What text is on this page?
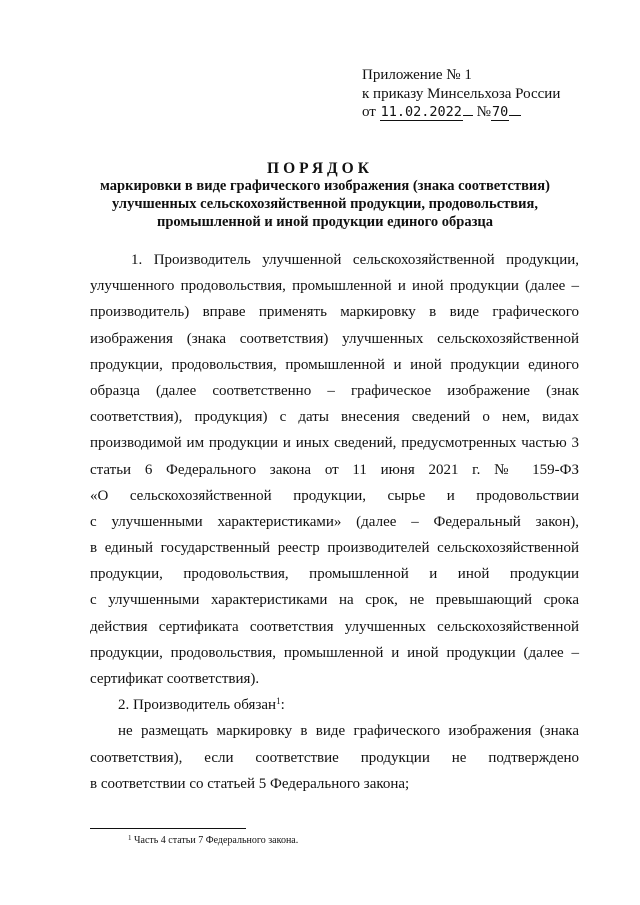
Приложение № 1
к приказу Минсельхоза России
от 11.02.2022 №70
ПОРЯДОК
маркировки в виде графического изображения (знака соответствия)
улучшенных сельскохозяйственной продукции, продовольствия,
промышленной и иной продукции единого образца
1. Производитель улучшенной сельскохозяйственной продукции,
улучшенного продовольствия, промышленной и иной продукции (далее –
производитель) вправе применять маркировку в виде графического
изображения (знака соответствия) улучшенных сельскохозяйственной
продукции, продовольствия, промышленной и иной продукции единого
образца (далее соответственно – графическое изображение (знак
соответствия), продукция) с даты внесения сведений о нем, видах
производимой им продукции и иных сведений, предусмотренных частью 3
статьи 6 Федерального закона от 11 июня 2021 г. № 159-ФЗ
«О сельскохозяйственной продукции, сырье и продовольствии
с улучшенными характеристиками» (далее – Федеральный закон),
в единый государственный реестр производителей сельскохозяйственной
продукции, продовольствия, промышленной и иной продукции
с улучшенными характеристиками на срок, не превышающий срока
действия сертификата соответствия улучшенных сельскохозяйственной
продукции, продовольствия, промышленной и иной продукции (далее –
сертификат соответствия).
2. Производитель обязан$^1$:
не размещать маркировку в виде графического изображения (знака
соответствия), если соответствие продукции не подтверждено
в соответствии со статьей 5 Федерального закона;
$^1$ Часть 4 статьи 7 Федерального закона.
